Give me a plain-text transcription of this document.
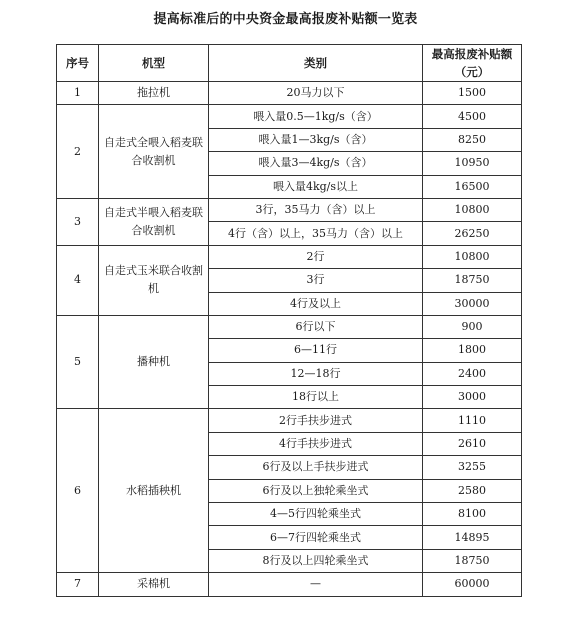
提高标准后的中央资金最高报废补贴额一览表
序号	机型	类别	最高报废补贴额（元）
1	拖拉机	20马力以下	1500
2	自走式全喂入稻麦联合收割机	喂入量0.5—1kg/s（含）	4500
		喂入量1—3kg/s（含）	8250
		喂入量3—4kg/s（含）	10950
		喂入量4kg/s以上	16500
3	自走式半喂入稻麦联合收割机	3行，35马力（含）以上	10800
		4行（含）以上，35马力（含）以上	26250
4	自走式玉米联合收割机	2行	10800
		3行	18750
		4行及以上	30000
5	播种机	6行以下	900
		6—11行	1800
		12—18行	2400
		18行以上	3000
6	水稻插秧机	2行手扶步进式	1110
		4行手扶步进式	2610
		6行及以上手扶步进式	3255
		6行及以上独轮乘坐式	2580
		4—5行四轮乘坐式	8100
		6—7行四轮乘坐式	14895
		8行及以上四轮乘坐式	18750
7	采棉机	—	60000
